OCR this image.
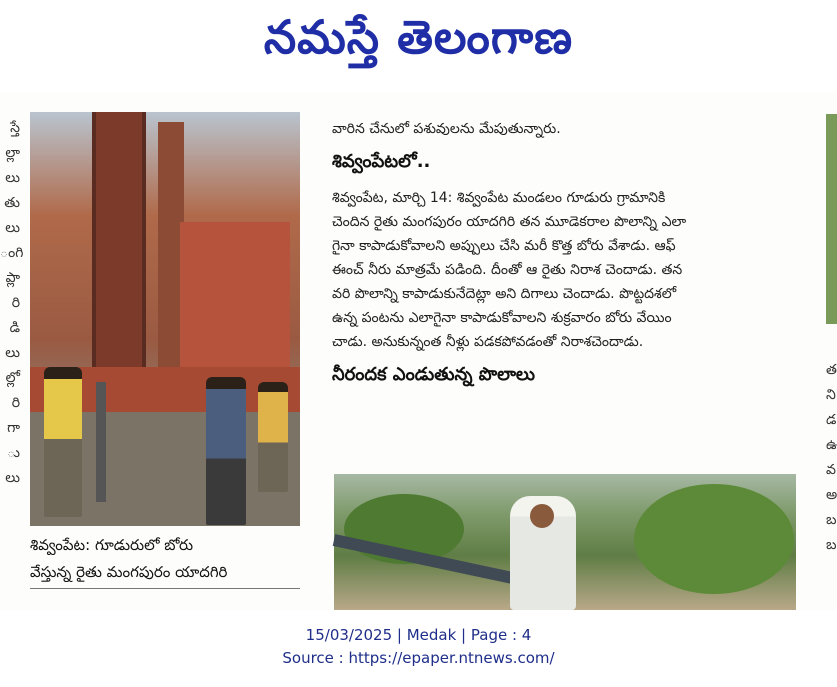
నమస్తే తెలంగాణ
స్తే
ల్లా
లు
తు
లు
ంగి
ప్లా
రి
డి
లు
ల్లో
రి
గా
ు
లు
శివ్వంపేట: గూడురులో బోరు
వేస్తున్న రైతు మంగపురం యాదగిరి

వారిన చేనులో పశువులను మేపుతున్నారు.

శివ్వంపేటలో..

శివ్వంపేట, మార్చి 14: శివ్వంపేట మండలం గూడురు గ్రామానికి
చెందిన రైతు మంగపురం యాదగిరి తన మూడెకరాల పొలాన్ని ఎలా
గైనా కాపాడుకోవాలని అప్పులు చేసి మరీ కొత్త బోరు వేశాడు. ఆఫ్
ఈంచ్ నీరు మాత్రమే పడింది. దీంతో ఆ రైతు నిరాశ చెందాడు. తన
వరి పొలాన్ని కాపాడుకునేదెట్లా అని దిగాలు చెందాడు. పొట్టదశలో
ఉన్న పంటను ఎలాగైనా కాపాడుకోవాలని శుక్రవారం బోరు వేయిం
చాడు. అనుకున్నంత నీళ్లు పడకపోవడంతో నిరాశచెందాడు.

నీరందక ఎండుతున్న పొలాలు	త
ని
డ
ఉ
వ
అ
బ
బ
15/03/2025 | Medak | Page : 4
Source : https://epaper.ntnews.com/
